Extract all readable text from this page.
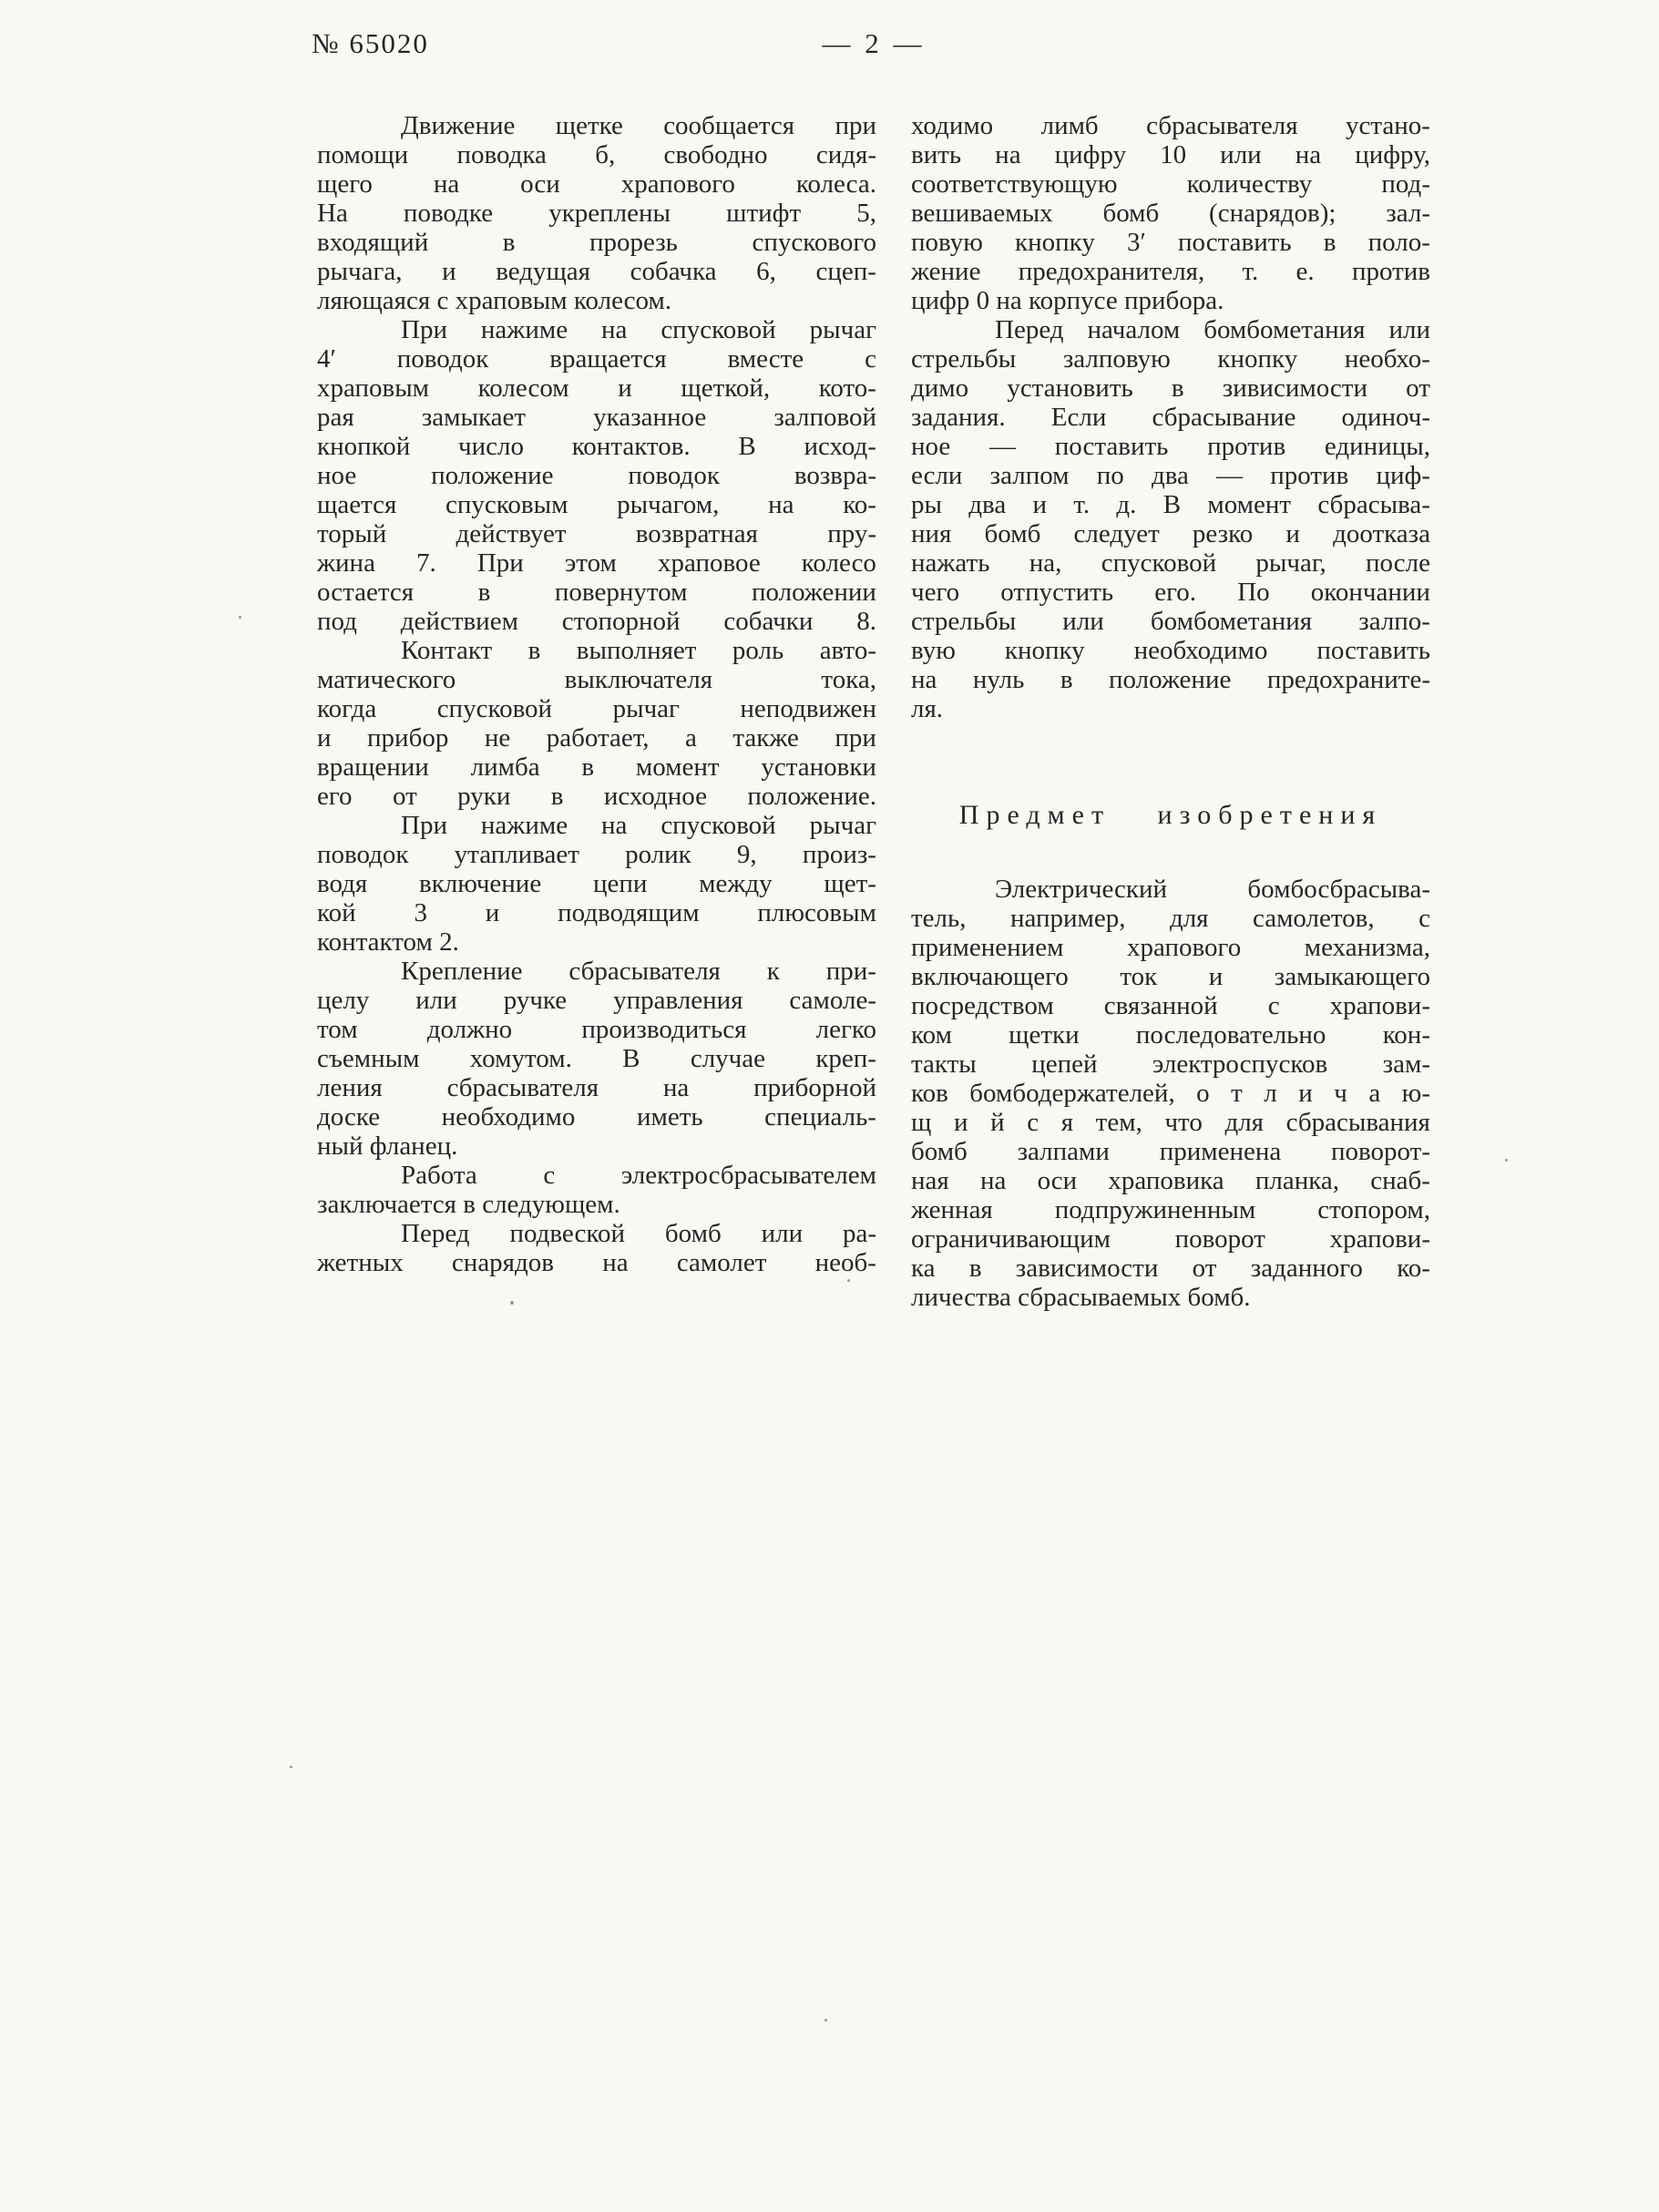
№ 65020	— 2 —
Движение щетке сообщается при
помощи поводка б, свободно сидя-
щего на оси храпового колеса.
На поводке укреплены штифт 5,
входящий	в	прорезь	спускового
рычага, и ведущая собачка 6, сцеп-
ляющаяся с храповым колесом.
При нажиме на спусковой рычаг
4′ поводок вращается вместе с
храповым колесом и щеткой, кото-
рая	замыкает	указанное	залповой
кнопкой число контактов. В исход-
ное	положение	поводок	возвра-
щается спусковым рычагом, на ко-
торый	действует	возвратная	пру-
жина 7. При этом храповое колесо
остается в повернутом положении
под действием стопорной собачки 8.
Контакт в выполняет роль авто-
матического	выключателя	тока,
когда спусковой рычаг неподвижен
и прибор не работает, а также при
вращении лимба в момент установки
его от руки в исходное положение.
При нажиме на спусковой рычаг
поводок утапливает ролик 9, произ-
водя включение цепи между щет-
кой 3 и подводящим плюсовым
контактом 2.
Крепление сбрасывателя к при-
целу или ручке управления самоле-
том	должно	производиться	легко
съемным хомутом. В случае креп-
ления сбрасывателя на приборной
доске необходимо иметь специаль-
ный фланец.
Работа	с	электросбрасывателем
заключается в следующем.
Перед подвеской бомб или ра-
жетных снарядов на самолет необ-
ходимо лимб сбрасывателя устано-
вить на цифру 10 или на цифру,
соответствующую	количеству	под-
вешиваемых бомб (снарядов); зал-
повую кнопку 3′ поставить в поло-
жение предохранителя, т. е. против
цифр 0 на корпусе прибора.
Перед началом бомбометания или
стрельбы залповую кнопку необхо-
димо установить в зивисимости от
задания. Если сбрасывание одиноч-
ное — поставить против единицы,
если залпом по два — против циф-
ры два и т. д. В момент сбрасыва-
ния бомб следует резко и доотказа
нажать на, спусковой рычаг, после
чего отпустить его. По окончании
стрельбы или бомбометания залпо-
вую кнопку необходимо поставить
на нуль в положение предохраните-
ля.
Предмет изобретения
Электрический	бомбосбрасыва-
тель, например, для самолетов, с
применением храпового механизма,
включающего ток и замыкающего
посредством связанной с храпови-
ком щетки последовательно кон-
такты цепей электроспусков зам-
ков бомбодержателей, о т л и ч а ю-
щ и й с я тем, что для сбрасывания
бомб залпами применена поворот-
ная на оси храповика планка, снаб-
женная подпружиненным стопором,
ограничивающим поворот храпови-
ка в зависимости от заданного ко-
личества сбрасываемых бомб.
